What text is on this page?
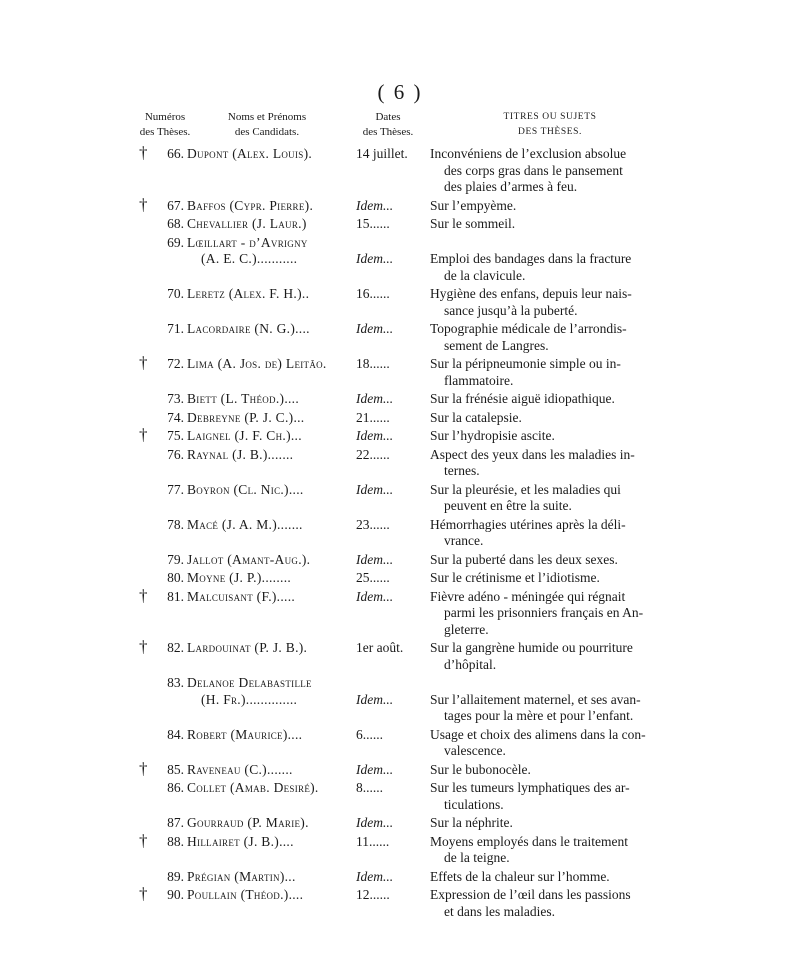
( 6 )
Numéros
des Thèses.
Noms et Prénoms
des Candidats.
Dates
des Thèses.
TITRES OU SUJETS
DES THÈSES.
†	66. Dupont (Alex. Louis).	14 juillet.	Inconvéniens de l’exclusion absolue
des corps gras dans le pansement
des plaies d’armes à feu.
†	67. Baffos (Cypr. Pierre).	Idem...	Sur l’empyème.
68. Chevallier (J. Laur.)	15......	Sur le sommeil.
69. Lœillart - d’Avrigny
(A. E. C.)...........	Idem...	Emploi des bandages dans la fracture
de la clavicule.
70. Leretz (Alex. F. H.)..	16......	Hygiène des enfans, depuis leur nais-
sance jusqu’à la puberté.
71. Lacordaire (N. G.)....	Idem...	Topographie médicale de l’arrondis-
sement de Langres.
†	72. Lima (A. Jos. de) Leitão.	18......	Sur la péripneumonie simple ou in-
flammatoire.
73. Biett (L. Théod.)....	Idem...	Sur la frénésie aiguë idiopathique.
74. Debreyne (P. J. C.)...	21......	Sur la catalepsie.
†	75. Laignel (J. F. Ch.)...	Idem...	Sur l’hydropisie ascite.
76. Raynal (J. B.).......	22......	Aspect des yeux dans les maladies in-
ternes.
77. Boyron (Cl. Nic.)....	Idem...	Sur la pleurésie, et les maladies qui
peuvent en être la suite.
78. Macé (J. A. M.).......	23......	Hémorrhagies utérines après la déli-
vrance.
79. Jallot (Amant-Aug.).	Idem...	Sur la puberté dans les deux sexes.
80. Moyne (J. P.)........	25......	Sur le crétinisme et l’idiotisme.
†	81. Malcuisant (F.).....	Idem...	Fièvre adéno - méningée qui régnait
parmi les prisonniers français en An-
gleterre.
†	82. Lardouinat (P. J. B.).	1er août.	Sur la gangrène humide ou pourriture
d’hôpital.
83. Delanoe Delabastille
(H. Fr.)..............	Idem...	Sur l’allaitement maternel, et ses avan-
tages pour la mère et pour l’enfant.
84. Robert (Maurice)....	6......	Usage et choix des alimens dans la con-
valescence.
†	85. Raveneau (C.).......	Idem...	Sur le bubonocèle.
86. Collet (Amab. Desiré).	8......	Sur les tumeurs lymphatiques des ar-
ticulations.
87. Gourraud (P. Marie).	Idem...	Sur la néphrite.
†	88. Hillairet (J. B.)....	11......	Moyens employés dans le traitement
de la teigne.
89. Prégian (Martin)...	Idem...	Effets de la chaleur sur l’homme.
†	90. Poullain (Théod.)....	12......	Expression de l’œil dans les passions
et dans les maladies.
